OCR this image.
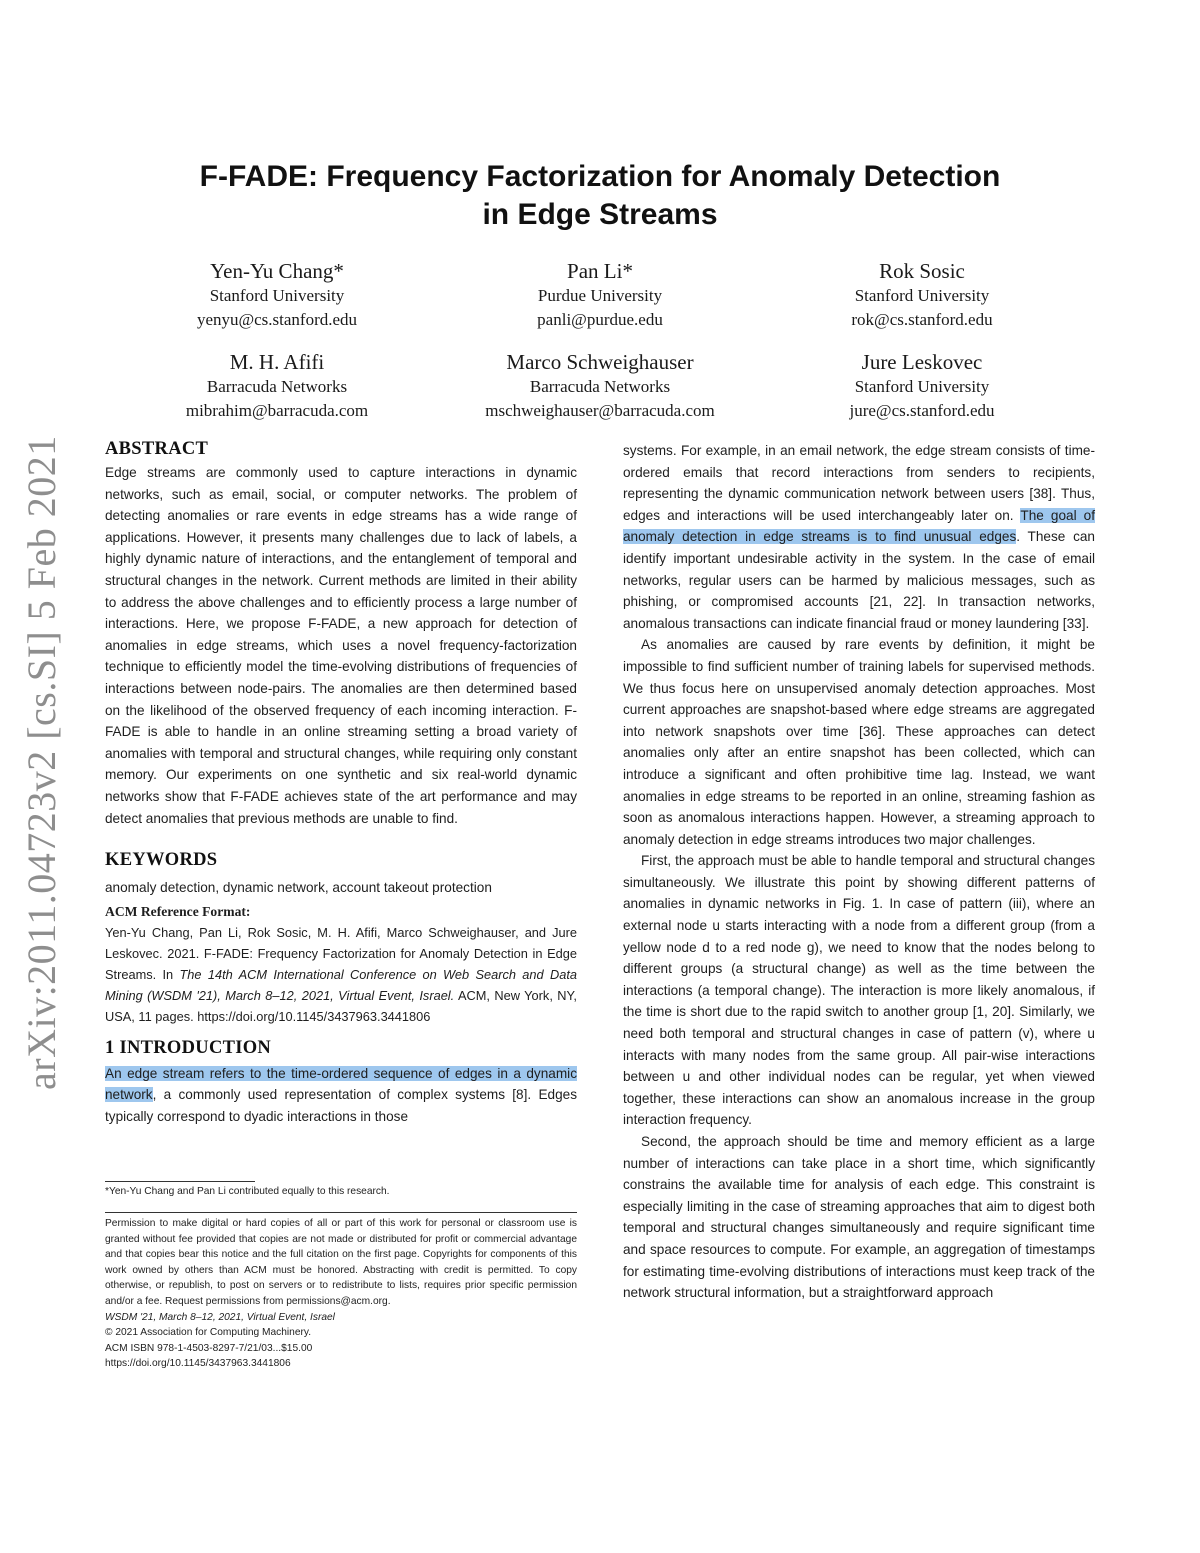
arXiv:2011.04723v2 [cs.SI] 5 Feb 2021
F-FADE: Frequency Factorization for Anomaly Detection
in Edge Streams
Yen-Yu Chang*
Stanford University
yenyu@cs.stanford.edu
Pan Li*
Purdue University
panli@purdue.edu
Rok Sosic
Stanford University
rok@cs.stanford.edu
M. H. Afifi
Barracuda Networks
mibrahim@barracuda.com
Marco Schweighauser
Barracuda Networks
mschweighauser@barracuda.com
Jure Leskovec
Stanford University
jure@cs.stanford.edu
ABSTRACT

Edge streams are commonly used to capture interactions in dynamic networks, such as email, social, or computer networks. The problem of detecting anomalies or rare events in edge streams has a wide range of applications. However, it presents many challenges due to lack of labels, a highly dynamic nature of interactions, and the entanglement of temporal and structural changes in the network. Current methods are limited in their ability to address the above challenges and to efficiently process a large number of interactions. Here, we propose F-FADE, a new approach for detection of anomalies in edge streams, which uses a novel frequency-factorization technique to efficiently model the time-evolving distributions of frequencies of interactions between node-pairs. The anomalies are then determined based on the likelihood of the observed frequency of each incoming interaction. F-FADE is able to handle in an online streaming setting a broad variety of anomalies with temporal and structural changes, while requiring only constant memory. Our experiments on one synthetic and six real-world dynamic networks show that F-FADE achieves state of the art performance and may detect anomalies that previous methods are unable to find.

KEYWORDS

anomaly detection, dynamic network, account takeout protection

ACM Reference Format:
Yen-Yu Chang, Pan Li, Rok Sosic, M. H. Afifi, Marco Schweighauser, and Jure Leskovec. 2021. F-FADE: Frequency Factorization for Anomaly Detection in Edge Streams. In The 14th ACM International Conference on Web Search and Data Mining (WSDM '21), March 8–12, 2021, Virtual Event, Israel. ACM, New York, NY, USA, 11 pages. https://doi.org/10.1145/3437963.3441806

1 INTRODUCTION

An edge stream refers to the time-ordered sequence of edges in a dynamic network, a commonly used representation of complex systems [8]. Edges typically correspond to dyadic interactions in those

*Yen-Yu Chang and Pan Li contributed equally to this research.

Permission to make digital or hard copies of all or part of this work for personal or classroom use is granted without fee provided that copies are not made or distributed for profit or commercial advantage and that copies bear this notice and the full citation on the first page. Copyrights for components of this work owned by others than ACM must be honored. Abstracting with credit is permitted. To copy otherwise, or republish, to post on servers or to redistribute to lists, requires prior specific permission and/or a fee. Request permissions from permissions@acm.org.

WSDM '21, March 8–12, 2021, Virtual Event, Israel

© 2021 Association for Computing Machinery.

ACM ISBN 978-1-4503-8297-7/21/03...$15.00

https://doi.org/10.1145/3437963.3441806

systems. For example, in an email network, the edge stream consists of time-ordered emails that record interactions from senders to recipients, representing the dynamic communication network between users [38]. Thus, edges and interactions will be used interchangeably later on. The goal of anomaly detection in edge streams is to find unusual edges. These can identify important undesirable activity in the system. In the case of email networks, regular users can be harmed by malicious messages, such as phishing, or compromised accounts [21, 22]. In transaction networks, anomalous transactions can indicate financial fraud or money laundering [33].

As anomalies are caused by rare events by definition, it might be impossible to find sufficient number of training labels for supervised methods. We thus focus here on unsupervised anomaly detection approaches. Most current approaches are snapshot-based where edge streams are aggregated into network snapshots over time [36]. These approaches can detect anomalies only after an entire snapshot has been collected, which can introduce a significant and often prohibitive time lag. Instead, we want anomalies in edge streams to be reported in an online, streaming fashion as soon as anomalous interactions happen. However, a streaming approach to anomaly detection in edge streams introduces two major challenges.

First, the approach must be able to handle temporal and structural changes simultaneously. We illustrate this point by showing different patterns of anomalies in dynamic networks in Fig. 1. In case of pattern (iii), where an external node u starts interacting with a node from a different group (from a yellow node d to a red node g), we need to know that the nodes belong to different groups (a structural change) as well as the time between the interactions (a temporal change). The interaction is more likely anomalous, if the time is short due to the rapid switch to another group [1, 20]. Similarly, we need both temporal and structural changes in case of pattern (v), where u interacts with many nodes from the same group. All pair-wise interactions between u and other individual nodes can be regular, yet when viewed together, these interactions can show an anomalous increase in the group interaction frequency.

Second, the approach should be time and memory efficient as a large number of interactions can take place in a short time, which significantly constrains the available time for analysis of each edge. This constraint is especially limiting in the case of streaming approaches that aim to digest both temporal and structural changes simultaneously and require significant time and space resources to compute. For example, an aggregation of timestamps for estimating time-evolving distributions of interactions must keep track of the network structural information, but a straightforward approach
